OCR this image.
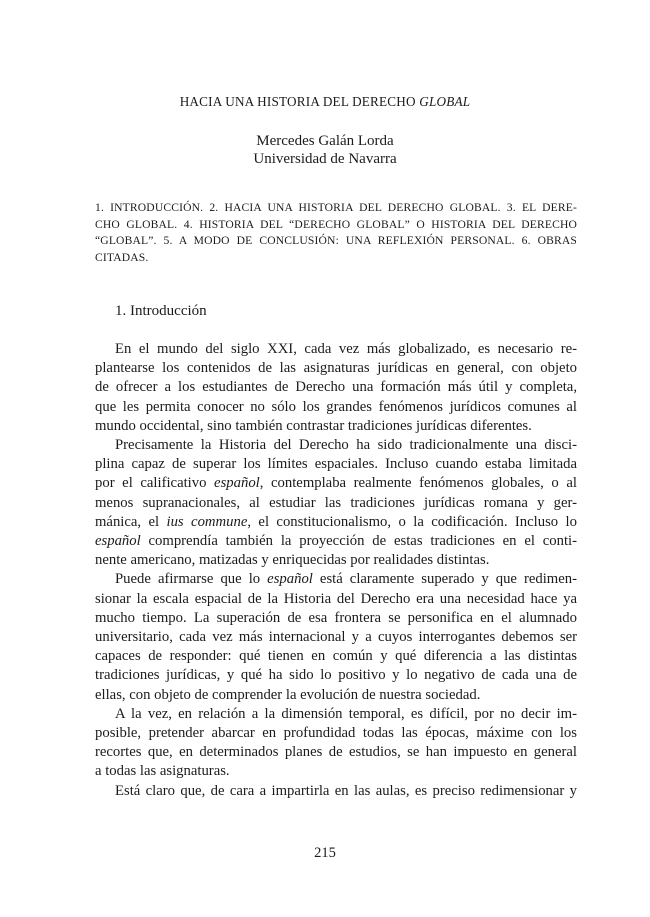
HACIA UNA HISTORIA DEL DERECHO GLOBAL
Mercedes Galán Lorda
Universidad de Navarra
1. INTRODUCCIÓN. 2. HACIA UNA HISTORIA DEL DERECHO GLOBAL. 3. EL DERE-
CHO GLOBAL. 4. HISTORIA DEL “DERECHO GLOBAL” O HISTORIA DEL DERECHO
“GLOBAL”. 5. A MODO DE CONCLUSIÓN: UNA REFLEXIÓN PERSONAL. 6. OBRAS
CITADAS.
1. Introducción
En el mundo del siglo XXI, cada vez más globalizado, es necesario re-
plantearse los contenidos de las asignaturas jurídicas en general, con objeto
de ofrecer a los estudiantes de Derecho una formación más útil y completa,
que les permita conocer no sólo los grandes fenómenos jurídicos comunes al
mundo occidental, sino también contrastar tradiciones jurídicas diferentes.
Precisamente la Historia del Derecho ha sido tradicionalmente una disci-
plina capaz de superar los límites espaciales. Incluso cuando estaba limitada
por el calificativo español, contemplaba realmente fenómenos globales, o al
menos supranacionales, al estudiar las tradiciones jurídicas romana y ger-
mánica, el ius commune, el constitucionalismo, o la codificación. Incluso lo
español comprendía también la proyección de estas tradiciones en el conti-
nente americano, matizadas y enriquecidas por realidades distintas.
Puede afirmarse que lo español está claramente superado y que redimen-
sionar la escala espacial de la Historia del Derecho era una necesidad hace ya
mucho tiempo. La superación de esa frontera se personifica en el alumnado
universitario, cada vez más internacional y a cuyos interrogantes debemos ser
capaces de responder: qué tienen en común y qué diferencia a las distintas
tradiciones jurídicas, y qué ha sido lo positivo y lo negativo de cada una de
ellas, con objeto de comprender la evolución de nuestra sociedad.
A la vez, en relación a la dimensión temporal, es difícil, por no decir im-
posible, pretender abarcar en profundidad todas las épocas, máxime con los
recortes que, en determinados planes de estudios, se han impuesto en general
a todas las asignaturas.
Está claro que, de cara a impartirla en las aulas, es preciso redimensionar y
215
